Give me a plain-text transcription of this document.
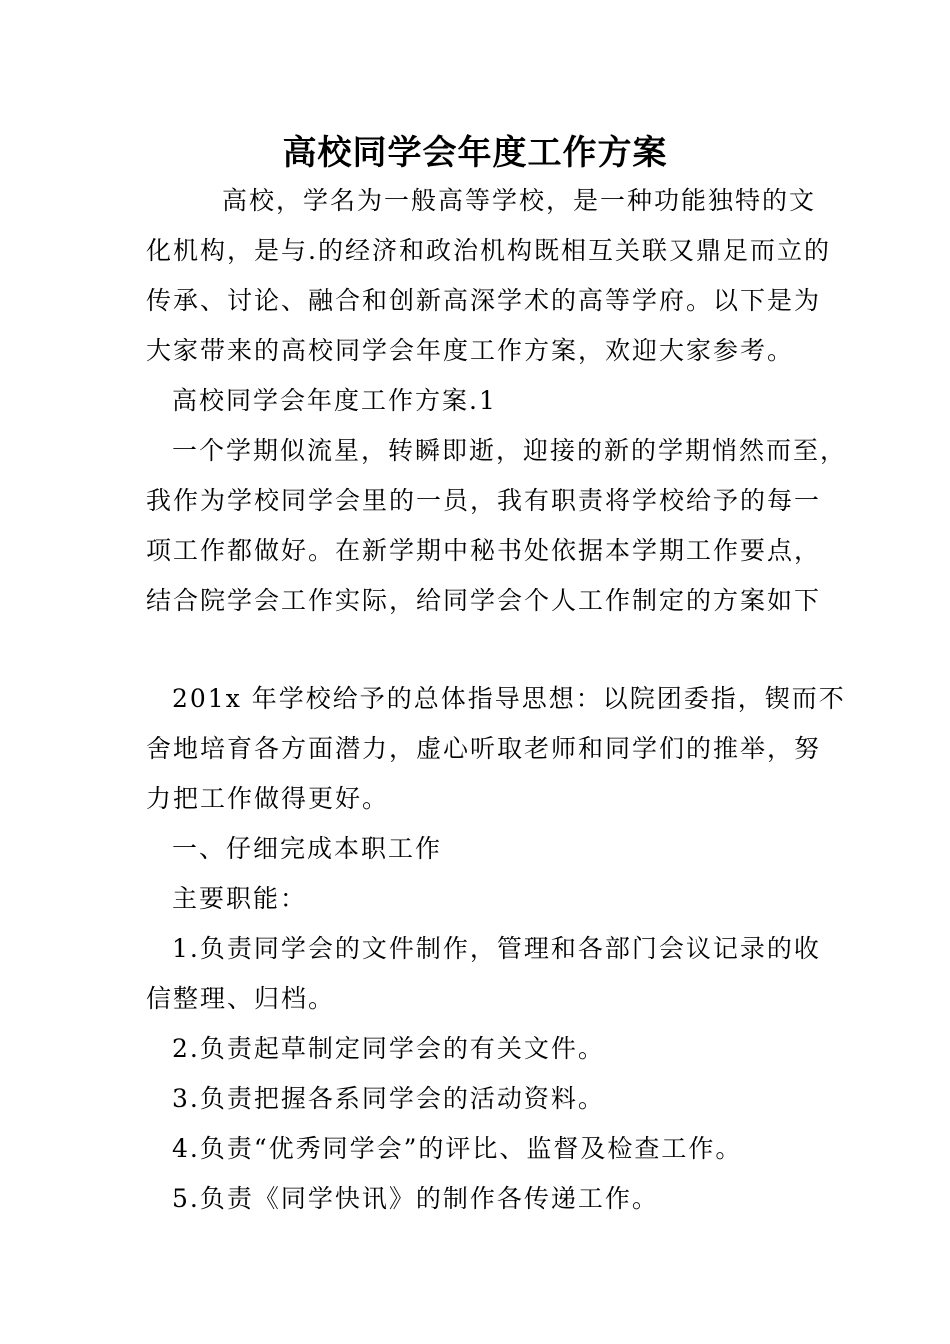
高校同学会年度工作方案
高校，学名为一般高等学校，是一种功能独特的文
化机构，是与.的经济和政治机构既相互关联又鼎足而立的
传承、讨论、融合和创新高深学术的高等学府。以下是为
大家带来的高校同学会年度工作方案，欢迎大家参考。
高校同学会年度工作方案.1
一个学期似流星，转瞬即逝，迎接的新的学期悄然而至，
我作为学校同学会里的一员，我有职责将学校给予的每一
项工作都做好。在新学期中秘书处依据本学期工作要点，
结合院学会工作实际，给同学会个人工作制定的方案如下
201x 年学校给予的总体指导思想：以院团委指，锲而不
舍地培育各方面潜力，虚心听取老师和同学们的推举，努
力把工作做得更好。
一、仔细完成本职工作
主要职能：
1.负责同学会的文件制作，管理和各部门会议记录的收
信整理、归档。
2.负责起草制定同学会的有关文件。
3.负责把握各系同学会的活动资料。
4.负责“优秀同学会”的评比、监督及检查工作。
5.负责《同学快讯》的制作各传递工作。
